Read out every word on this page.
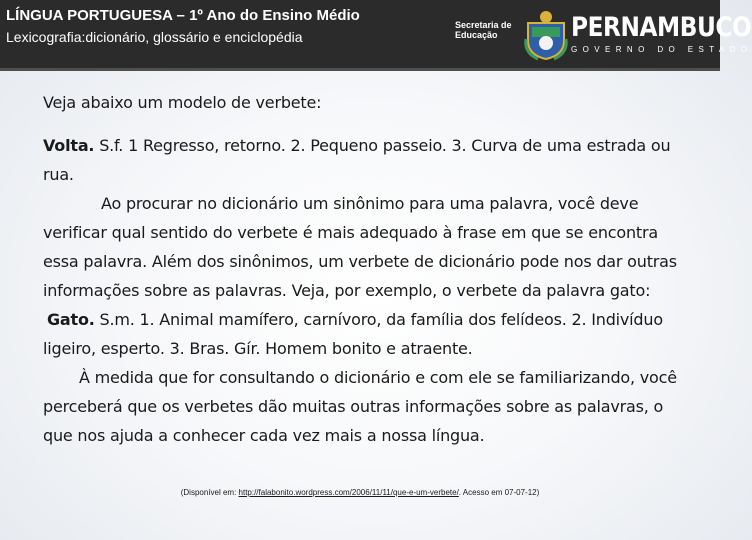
LÍNGUA PORTUGUESA – 1º Ano do Ensino Médio
Lexicografia:dicionário, glossário e enciclopédia
Secretaria de
Educação	PERNAMBUCO
GOVERNO DO ESTADO

Veja abaixo um modelo de verbete:

Volta. S.f. 1 Regresso, retorno. 2. Pequeno passeio. 3. Curva de uma estrada ou rua.

Ao procurar no dicionário um sinônimo para uma palavra, você deve verificar qual sentido do verbete é mais adequado à frase em que se encontra essa palavra. Além dos sinônimos, um verbete de dicionário pode nos dar outras informações sobre as palavras. Veja, por exemplo, o verbete da palavra gato:

Gato. S.m. 1. Animal mamífero, carnívoro, da família dos felídeos. 2. Indivíduo ligeiro, esperto. 3. Bras. Gír. Homem bonito e atraente.

À medida que for consultando o dicionário e com ele se familiarizando, você perceberá que os verbetes dão muitas outras informações sobre as palavras, o que nos ajuda a conhecer cada vez mais a nossa língua.

(Disponível em: http://falabonito.wordpress.com/2006/11/11/que-e-um-verbete/. Acesso em 07-07-12)
